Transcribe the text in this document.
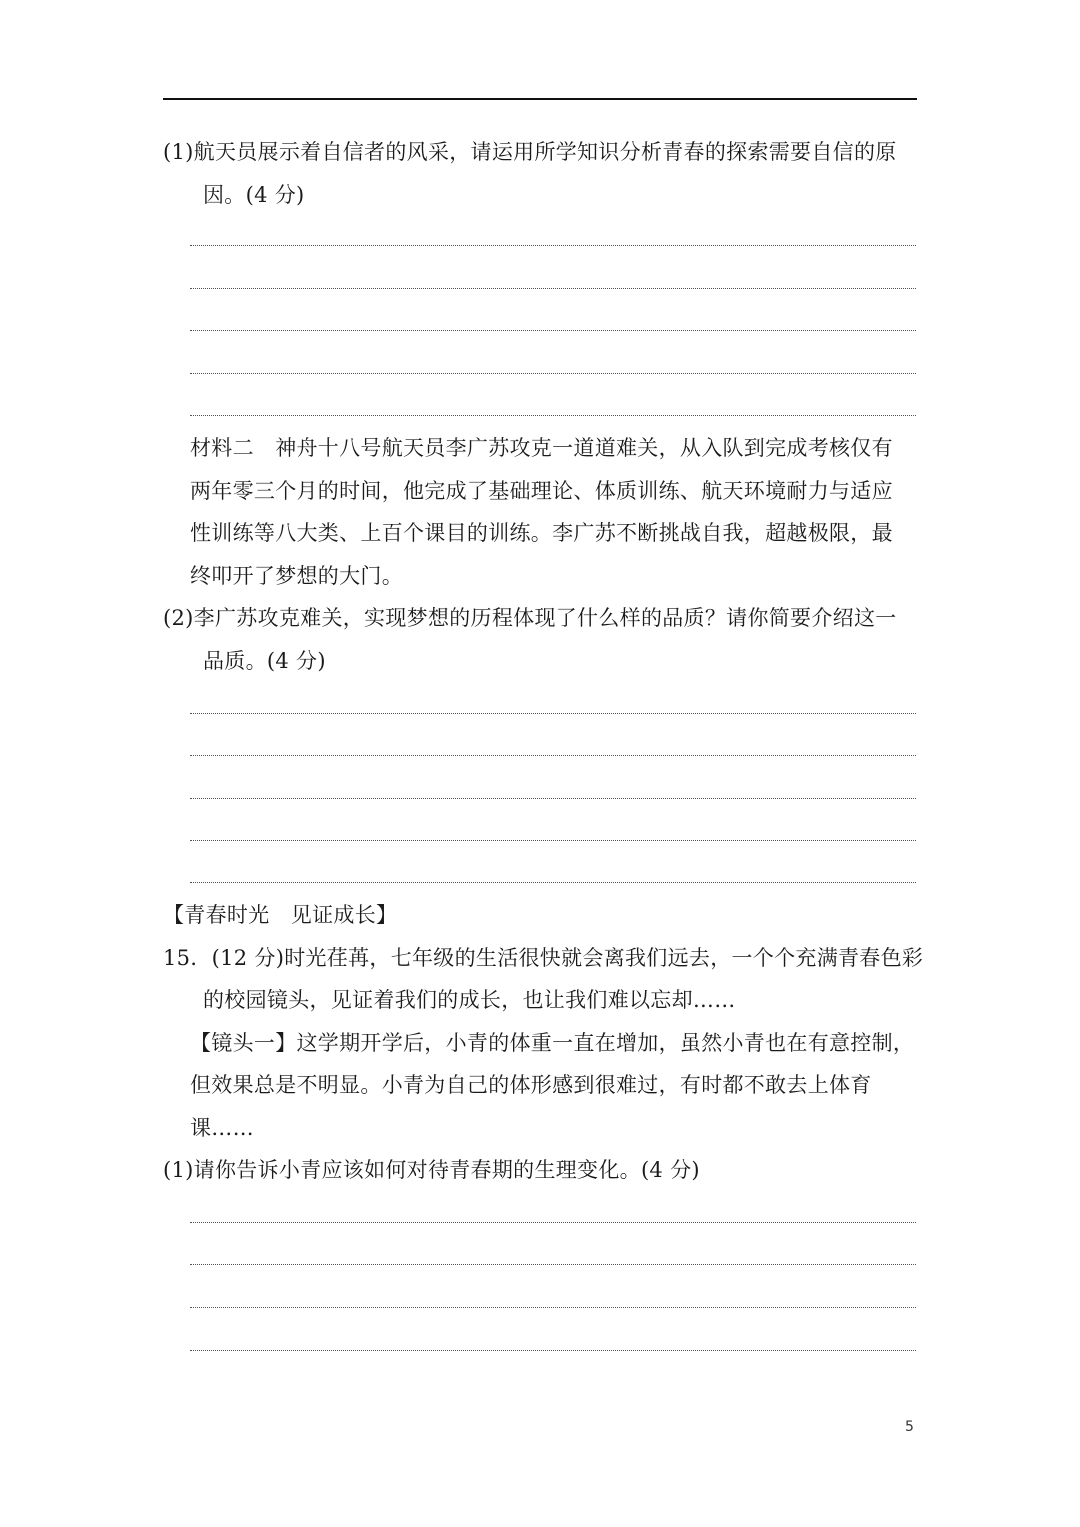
(1)航天员展示着自信者的风采，请运用所学知识分析青春的探索需要自信的原
因。(4 分)
材料二　神舟十八号航天员李广苏攻克一道道难关，从入队到完成考核仅有
两年零三个月的时间，他完成了基础理论、体质训练、航天环境耐力与适应
性训练等八大类、上百个课目的训练。李广苏不断挑战自我，超越极限，最
终叩开了梦想的大门。
(2)李广苏攻克难关，实现梦想的历程体现了什么样的品质？请你简要介绍这一
品质。(4 分)
【青春时光　见证成长】
15．(12 分)时光荏苒，七年级的生活很快就会离我们远去，一个个充满青春色彩
的校园镜头，见证着我们的成长，也让我们难以忘却……
【镜头一】这学期开学后，小青的体重一直在增加，虽然小青也在有意控制，
但效果总是不明显。小青为自己的体形感到很难过，有时都不敢去上体育
课……
(1)请你告诉小青应该如何对待青春期的生理变化。(4 分)
5
